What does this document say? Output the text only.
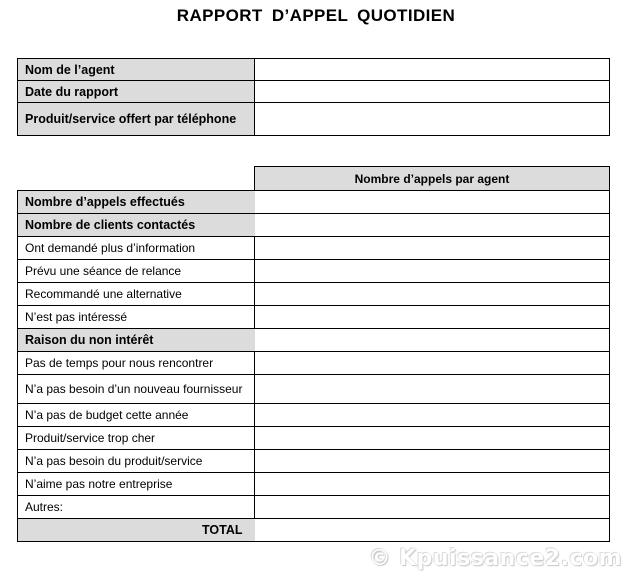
RAPPORT D’APPEL QUOTIDIEN
Nom de l’agent	
Date du rapport	
Produit/service offert par téléphone	
	Nombre d’appels par agent
Nombre d’appels effectués	
Nombre de clients contactés	
Ont demandé plus d’information	
Prévu une séance de relance	
Recommandé une alternative	
N’est pas intéressé	
Raison du non intérêt	
Pas de temps pour nous rencontrer	
N’a pas besoin d’un nouveau fournisseur	
N’a pas de budget cette année	
Produit/service trop cher	
N’a pas besoin du produit/service	
N’aime pas notre entreprise	
Autres:	
TOTAL	
© Kpuissance2.com
